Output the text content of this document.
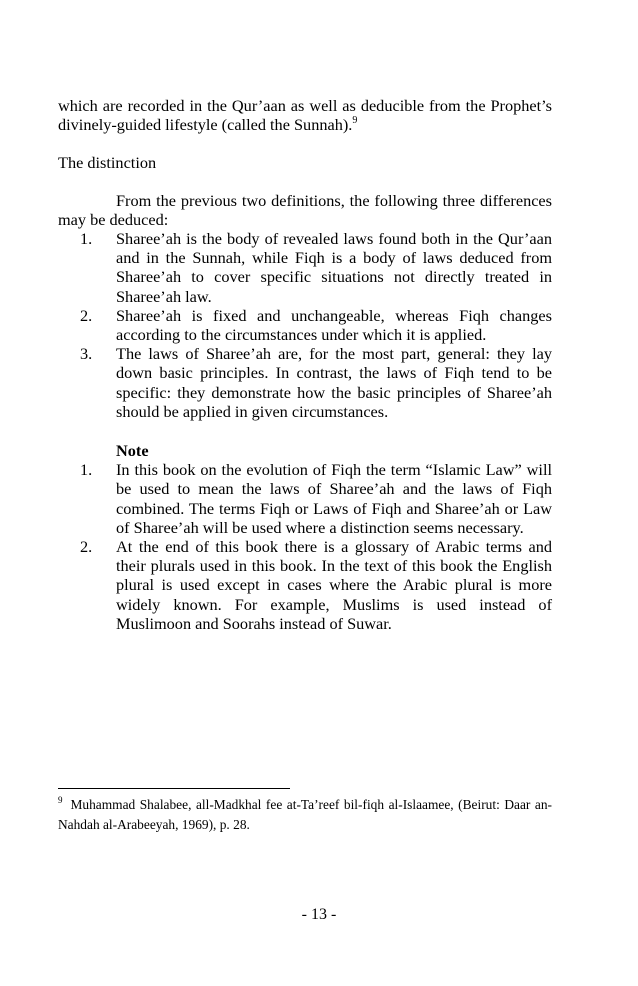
which are recorded in the Qur’aan as well as deducible from the Prophet’s divinely-guided lifestyle (called the Sunnah).$^9$

The distinction

From the previous two definitions, the following three differences may be deduced:

1.	Sharee’ah is the body of revealed laws found both in the Qur’aan and in the Sunnah, while Fiqh is a body of laws deduced from Sharee’ah to cover specific situations not directly treated in Sharee’ah law.
2.	Sharee’ah is fixed and unchangeable, whereas Fiqh changes according to the circumstances under which it is applied.
3.	The laws of Sharee’ah are, for the most part, general: they lay down basic principles. In contrast, the laws of Fiqh tend to be specific: they demonstrate how the basic principles of Sharee’ah should be applied in given circumstances.

Note

1.	In this book on the evolution of Fiqh the term “Islamic Law” will be used to mean the laws of Sharee’ah and the laws of Fiqh combined. The terms Fiqh or Laws of Fiqh and Sharee’ah or Law of Sharee’ah will be used where a distinction seems necessary.
2.	At the end of this book there is a glossary of Arabic terms and their plurals used in this book. In the text of this book the English plural is used except in cases where the Arabic plural is more widely known. For example, Muslims is used instead of Muslimoon and Soorahs instead of Suwar.

$^9$ Muhammad Shalabee, all-Madkhal fee at-Ta’reef bil-fiqh al-Islaamee, (Beirut: Daar an-Nahdah al-Arabeeyah, 1969), p. 28.

- 13 -
